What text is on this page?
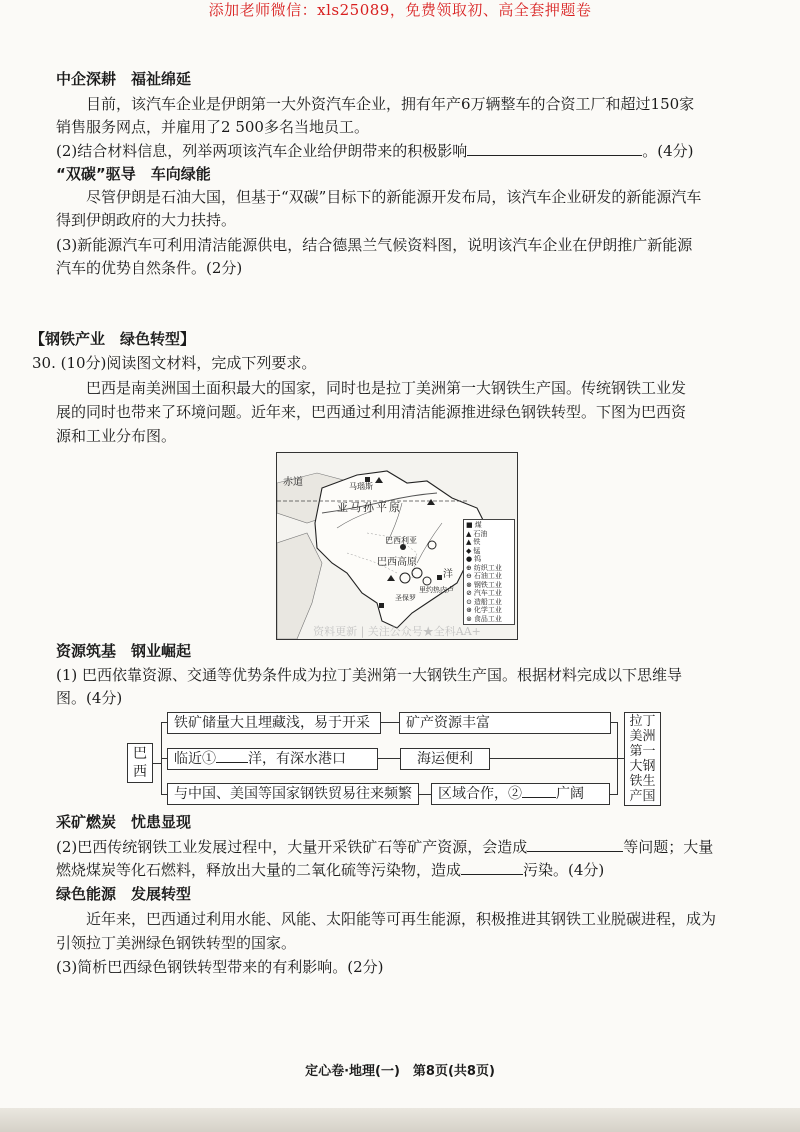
添加老师微信：xls25089，免费领取初、高全套押题卷
中企深耕　福祉绵延
目前，该汽车企业是伊朗第一大外资汽车企业，拥有年产6万辆整车的合资工厂和超过150家
销售服务网点，并雇用了2 500多名当地员工。
(2)结合材料信息，列举两项该汽车企业给伊朗带来的积极影响	。(4分)
“双碳”驱导　车向绿能
尽管伊朗是石油大国，但基于“双碳”目标下的新能源开发布局，该汽车企业研发的新能源汽车
得到伊朗政府的大力扶持。
(3)新能源汽车可利用清洁能源供电，结合德黑兰气候资料图，说明该汽车企业在伊朗推广新能源
汽车的优势自然条件。(2分)
【钢铁产业　绿色转型】
30. (10分)阅读图文材料，完成下列要求。
巴西是南美洲国土面积最大的国家，同时也是拉丁美洲第一大钢铁生产国。传统钢铁工业发
展的同时也带来了环境问题。近年来，巴西通过利用清洁能源推进绿色钢铁转型。下图为巴西资
源和工业分布图。
赤道
亚马孙平原
巴西高原
洋
马瑙斯
巴西利亚
里约热内卢
圣保罗
■ 煤
▲ 石油
▲ 铁
◆ 锰
● 钨
⊕ 纺织工业
⊖ 石油工业
⊗ 钢铁工业
⊘ 汽车工业
⊙ 造船工业
⊛ 化学工业
⊚ 食品工业
资料更新 | 关注公众号★全科AA+
资源筑基　钢业崛起
(1) 巴西依靠资源、交通等优势条件成为拉丁美洲第一大钢铁生产国。根据材料完成以下思维导
图。(4分)
巴西
铁矿储量大且埋藏浅，易于开采	矿产资源丰富
临近① 洋，有深水港口	海运便利
与中国、美国等国家钢铁贸易往来频繁	区域合作，② 广阔
拉丁美洲第一大钢铁生产国
采矿燃炭　忧患显现
(2)巴西传统钢铁工业发展过程中，大量开采铁矿石等矿产资源，会造成	等问题；大量
燃烧煤炭等化石燃料，释放出大量的二氧化硫等污染物，造成	污染。(4分)
绿色能源　发展转型
近年来，巴西通过利用水能、风能、太阳能等可再生能源，积极推进其钢铁工业脱碳进程，成为
引领拉丁美洲绿色钢铁转型的国家。
(3)简析巴西绿色钢铁转型带来的有利影响。(2分)
定心卷·地理(一)　第8页(共8页)
